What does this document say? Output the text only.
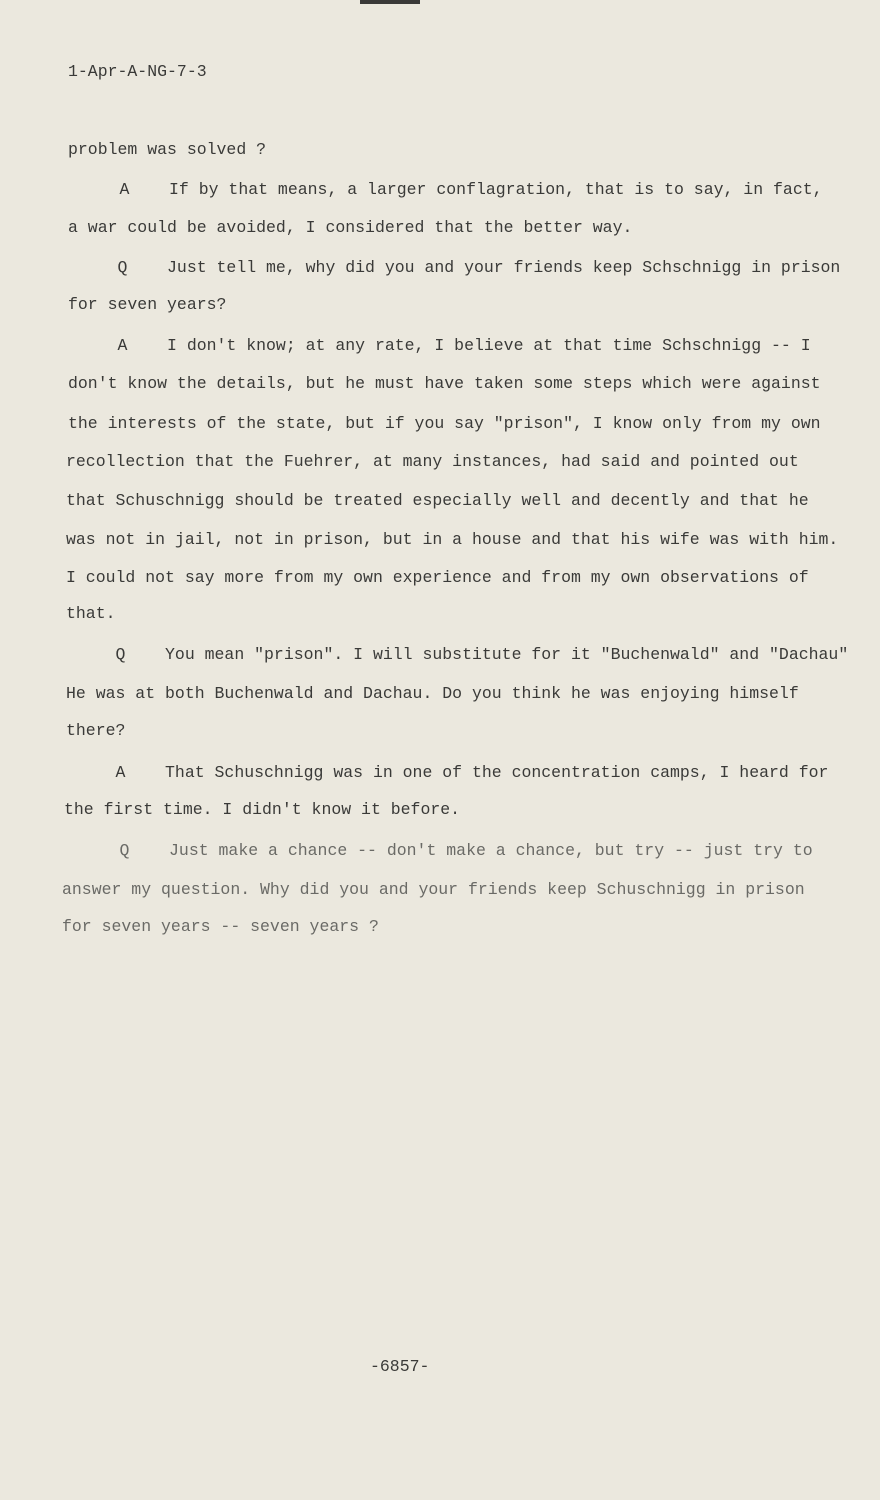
1-Apr-A-NG-7-3
problem was solved ?
A    If by that means, a larger conflagration, that is to say, in fact,
a war could be avoided, I considered that the better way.
Q    Just tell me, why did you and your friends keep Schschnigg in prison
for seven years?
A    I don't know; at any rate, I believe at that time Schschnigg -- I
don't know the details, but he must have taken some steps which were against
the interests of the state, but if you say "prison", I know only from my own
recollection that the Fuehrer, at many instances, had said and pointed out
that Schuschnigg should be treated especially well and decently and that he
was not in jail, not in prison, but in a house and that his wife was with him.
I could not say more from my own experience and from my own observations of
that.
Q    You mean "prison". I will substitute for it "Buchenwald" and "Dachau"
He was at both Buchenwald and Dachau. Do you think he was enjoying himself
there?
A    That Schuschnigg was in one of the concentration camps, I heard for
the first time. I didn't know it before.
Q    Just make a chance -- don't make a chance, but try -- just try to
answer my question. Why did you and your friends keep Schuschnigg in prison
for seven years -- seven years ?
-6857-
